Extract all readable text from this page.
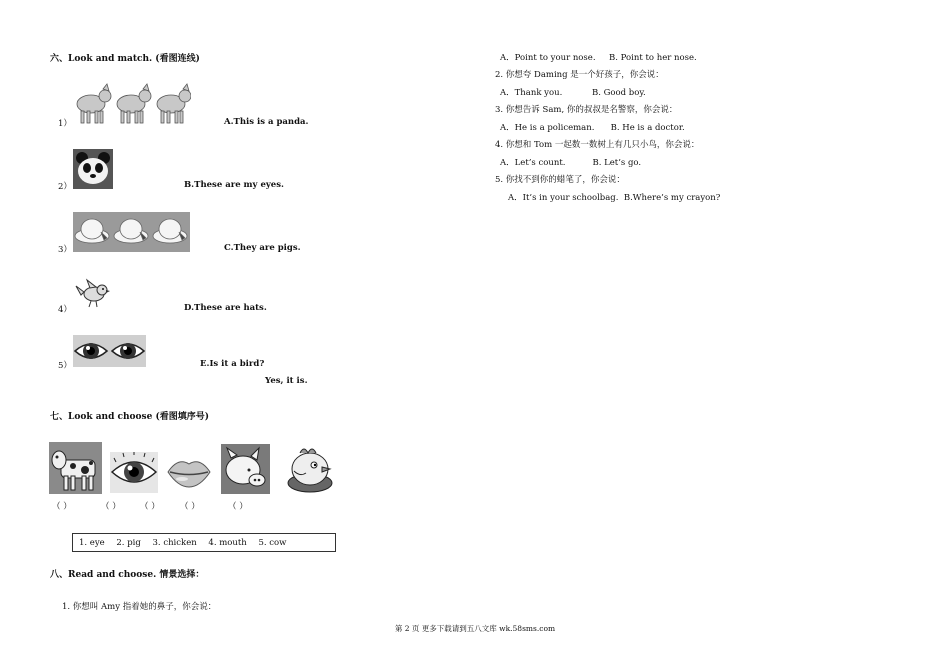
六、Look and match. (看图连线)
1）	A.This is a panda.
2）	B.These are my eyes.
3）	C.They are pigs.
4）	D.These are hats.
5）	E.Is it a bird?
Yes, it is.
七、Look and choose (看图填序号)
（ ）	（ ） （ ） （ ）	（ ）
1. eye 2. pig 3. chicken 4. mouth 5. cow
八、Read and choose. 情景选择：
1. 你想叫 Amy 指着她的鼻子，你会说：
A．Point to your nose.     B. Point to her nose.
2. 你想夸 Daming 是一个好孩子，你会说：
A．Thank you.           B. Good boy.
3. 你想告诉 Sam, 你的叔叔是名警察，你会说：
A．He is a policeman.      B. He is a doctor.
4. 你想和 Tom 一起数一数树上有几只小鸟，你会说：
A．Let’s count.          B. Let’s go.
5. 你找不到你的蜡笔了，你会说：
A．It’s in your schoolbag.  B.Where’s my crayon?
第 2 页 更多下载请到五八文库 wk.58sms.com
